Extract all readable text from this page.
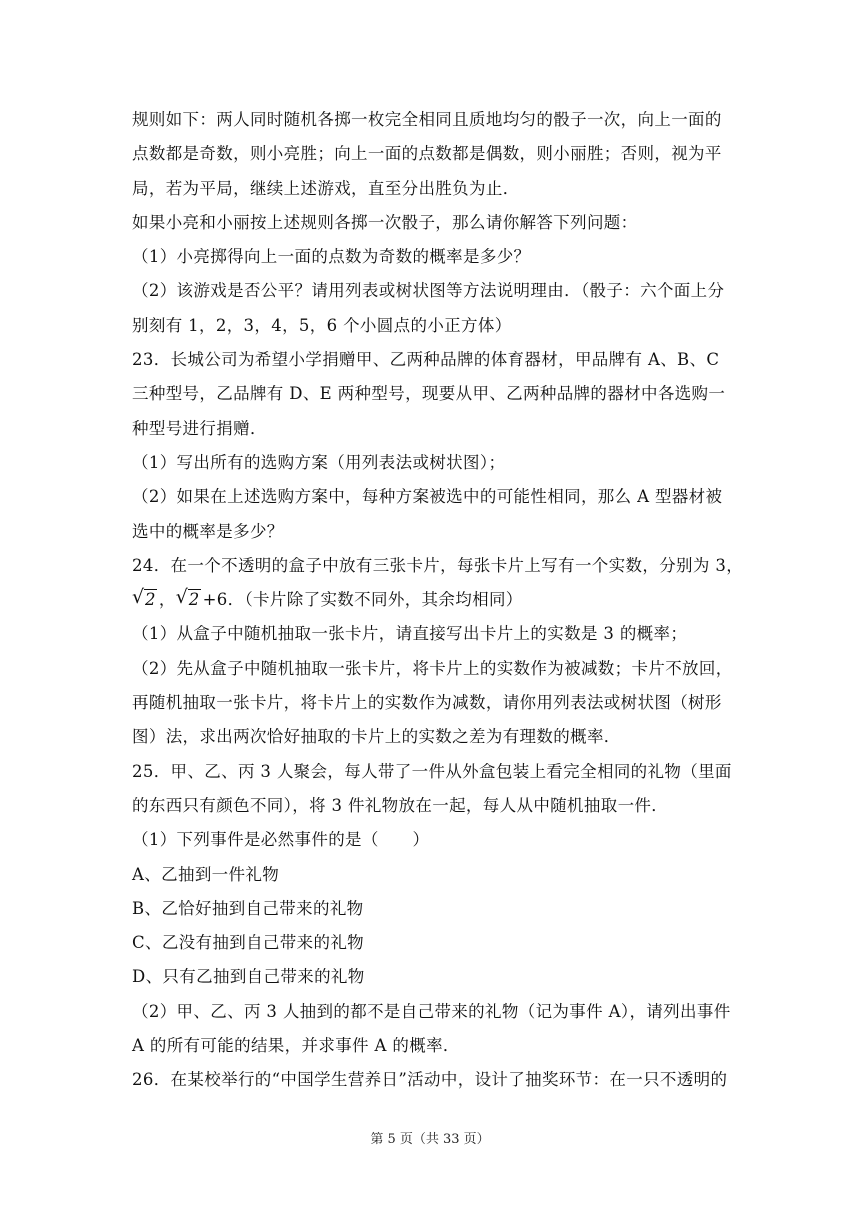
规则如下：两人同时随机各掷一枚完全相同且质地均匀的骰子一次，向上一面的
点数都是奇数，则小亮胜；向上一面的点数都是偶数，则小丽胜；否则，视为平
局，若为平局，继续上述游戏，直至分出胜负为止．
如果小亮和小丽按上述规则各掷一次骰子，那么请你解答下列问题：
（1）小亮掷得向上一面的点数为奇数的概率是多少？
（2）该游戏是否公平？请用列表或树状图等方法说明理由．（骰子：六个面上分
别刻有 1，2，3，4，5，6 个小圆点的小正方体）
23．长城公司为希望小学捐赠甲、乙两种品牌的体育器材，甲品牌有 A、B、C
三种型号，乙品牌有 D、E 两种型号，现要从甲、乙两种品牌的器材中各选购一
种型号进行捐赠．
（1）写出所有的选购方案（用列表法或树状图）；
（2）如果在上述选购方案中，每种方案被选中的可能性相同，那么 A 型器材被
选中的概率是多少？
24．在一个不透明的盒子中放有三张卡片，每张卡片上写有一个实数，分别为 3，
√ 2 ，√ 2 +6．（卡片除了实数不同外，其余均相同）
（1）从盒子中随机抽取一张卡片，请直接写出卡片上的实数是 3 的概率；
（2）先从盒子中随机抽取一张卡片，将卡片上的实数作为被减数；卡片不放回，
再随机抽取一张卡片，将卡片上的实数作为减数，请你用列表法或树状图（树形
图）法，求出两次恰好抽取的卡片上的实数之差为有理数的概率．
25．甲、乙、丙 3 人聚会，每人带了一件从外盒包装上看完全相同的礼物（里面
的东西只有颜色不同），将 3 件礼物放在一起，每人从中随机抽取一件．
（1）下列事件是必然事件的是（　　）
A、乙抽到一件礼物
B、乙恰好抽到自己带来的礼物
C、乙没有抽到自己带来的礼物
D、只有乙抽到自己带来的礼物
（2）甲、乙、丙 3 人抽到的都不是自己带来的礼物（记为事件 A），请列出事件
A 的所有可能的结果，并求事件 A 的概率．
26．在某校举行的“中国学生营养日”活动中，设计了抽奖环节：在一只不透明的
第 5 页（共 33 页）
